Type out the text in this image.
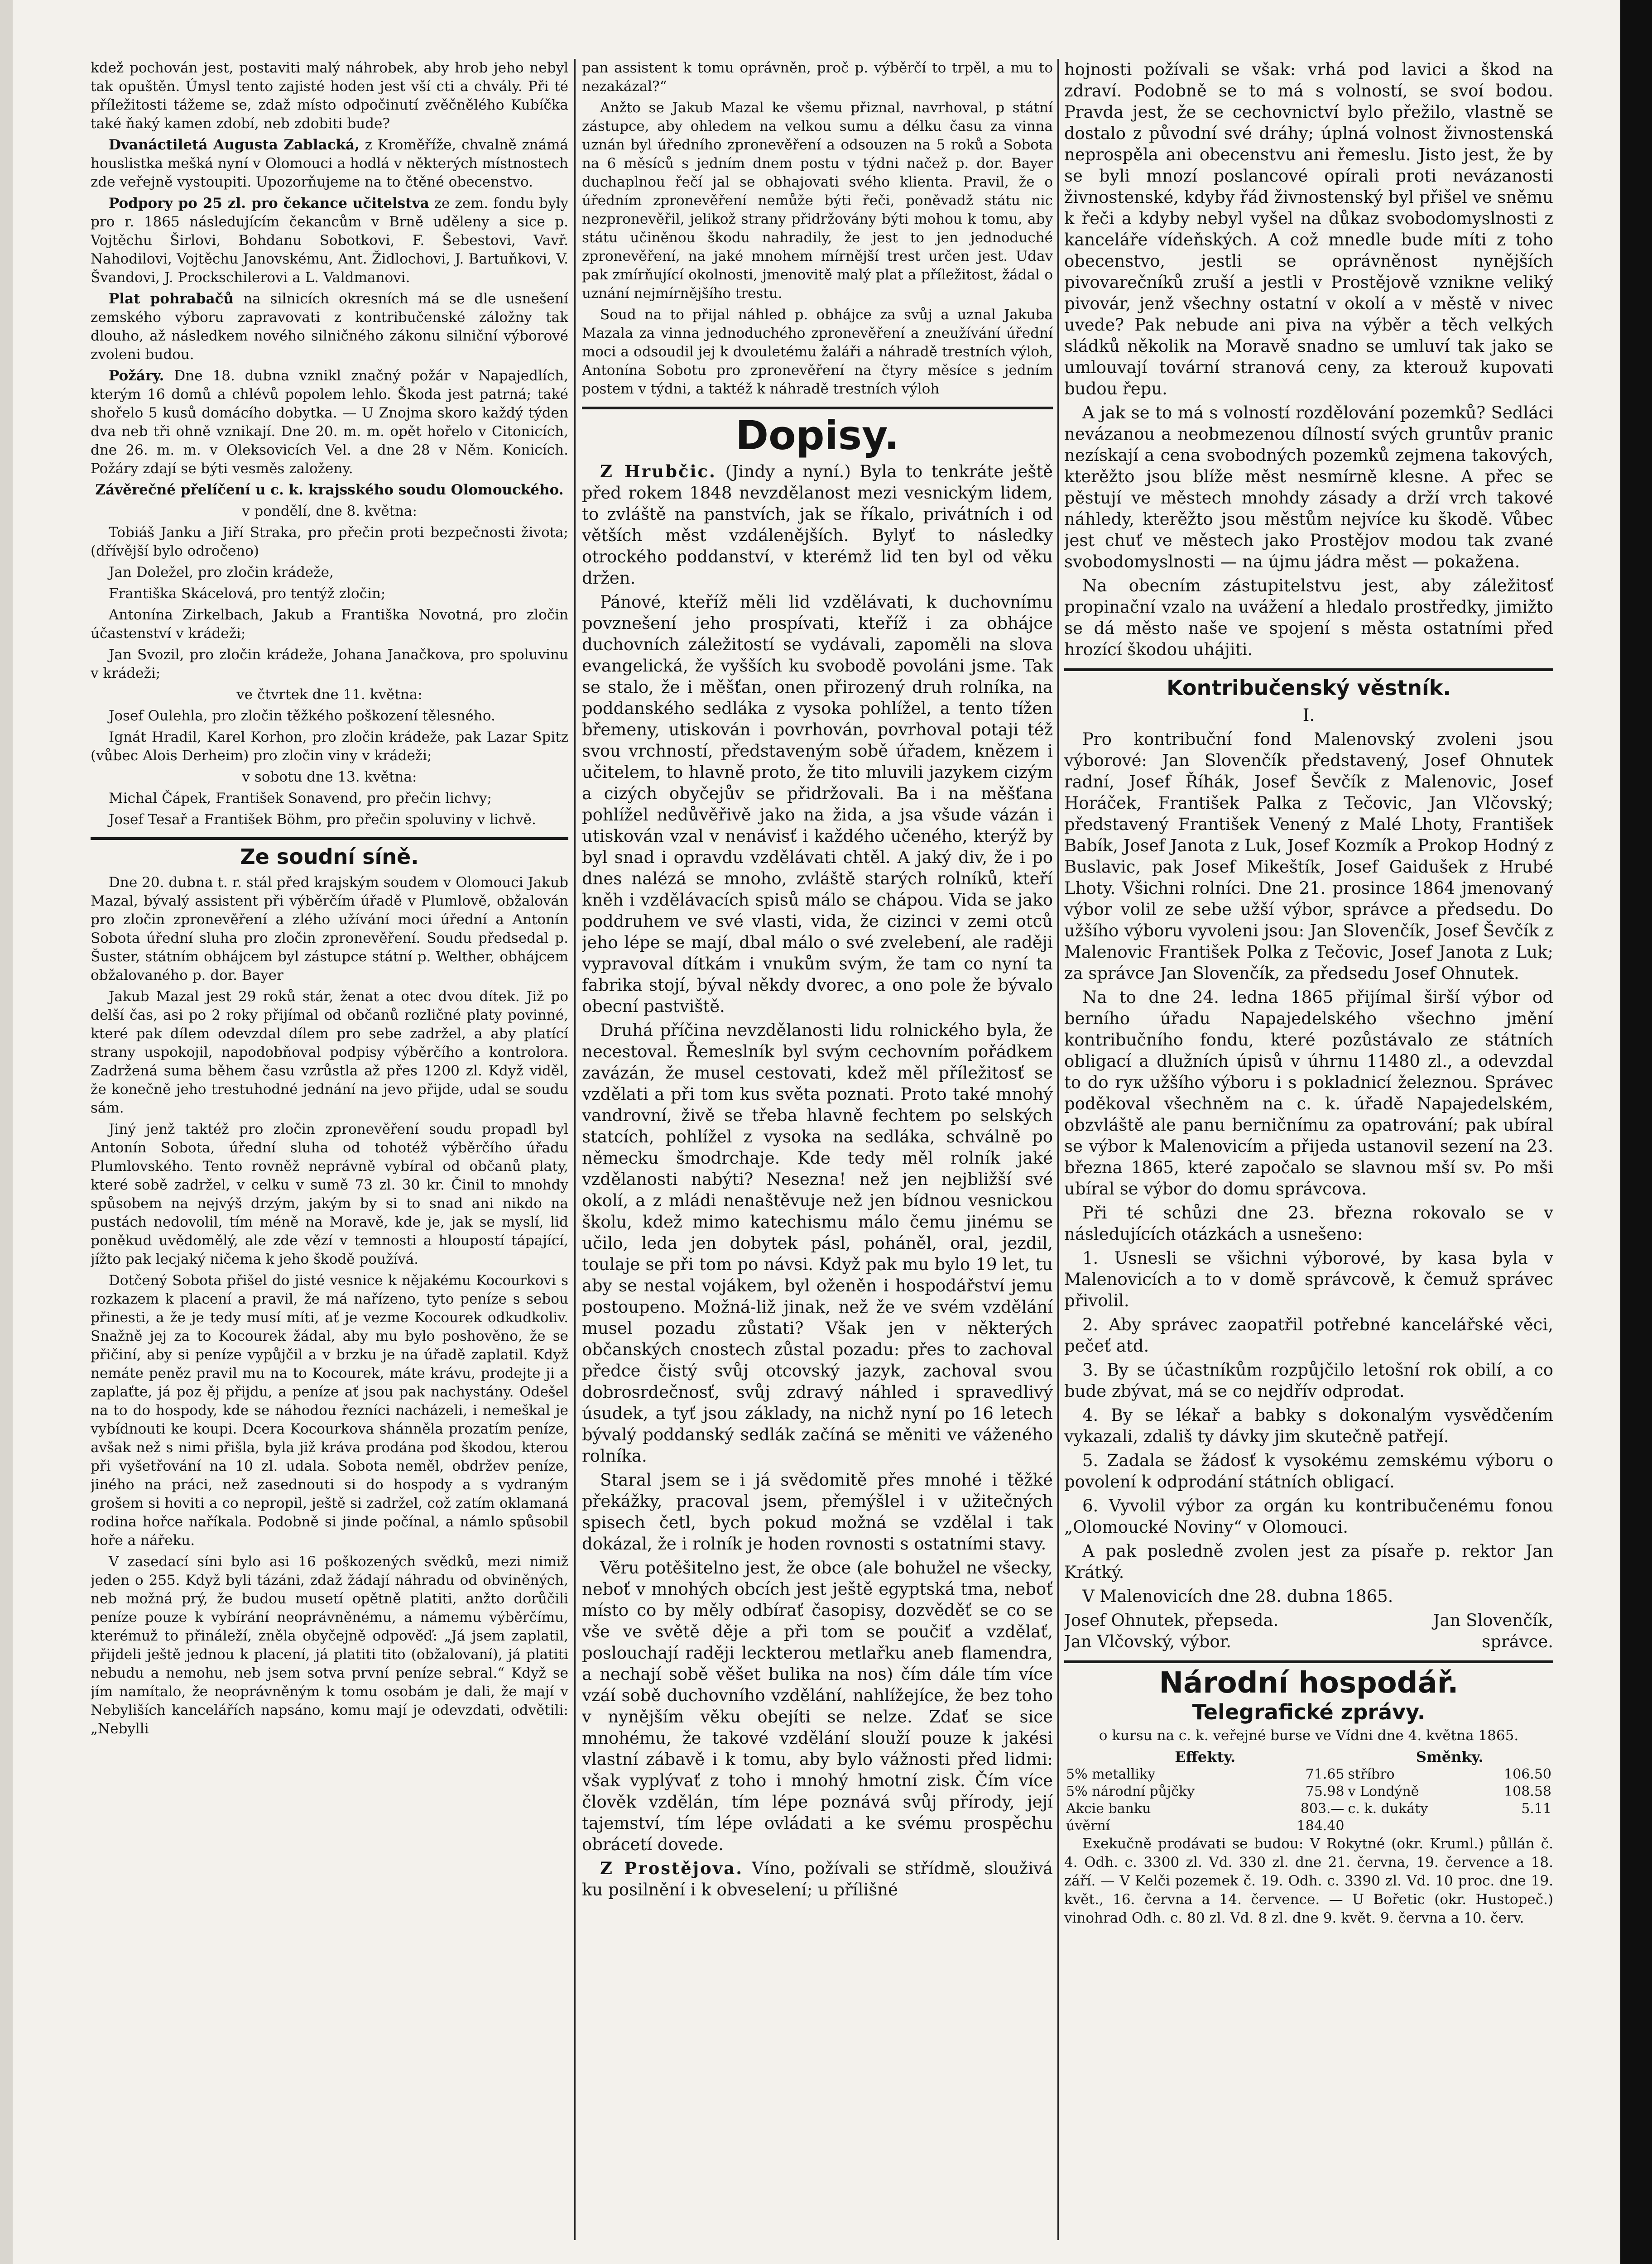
kdež pochován jest, postaviti malý náhrobek, aby hrob jeho nebyl tak opuštěn. Úmysl tento zajisté hoden jest vší cti a chvály. Při té příležitosti tážeme se, zdaž místo odpočinutí zvěčnělého Kubíčka také ňaký kamen zdobí, neb zdobiti bude?

Dvanáctiletá Augusta Zablacká, z Kroměříže, chvalně známá houslistka mešká nyní v Olomouci a hodlá v některých místnostech zde veřejně vystoupiti. Upozorňujeme na to čtěné obecenstvo.

Podpory po 25 zl. pro čekance učitelstva ze zem. fondu byly pro r. 1865 následujícím čekancům v Brně uděleny a sice p. Vojtěchu Širlovi, Bohdanu Sobotkovi, F. Šebestovi, Vavř. Nahodilovi, Vojtěchu Janovskému, Ant. Židlochovi, J. Bartuňkovi, V. Švandovi, J. Prockschilerovi a L. Valdmanovi.

Plat pohrabačů na silnicích okresních má se dle usnešení zemského výboru zapravovati z kontribučenské záložny tak dlouho, až následkem nového silničného zákonu silniční výborové zvoleni budou.

Požáry. Dne 18. dubna vznikl značný požár v Napajedlích, kterým 16 domů a chlévů popolem lehlo. Škoda jest patrná; také shořelo 5 kusů domácího dobytka. — U Znojma skoro každý týden dva neb tři ohně vznikají. Dne 20. m. m. opět hořelo v Citonicích, dne 26. m. m. v Oleksovicích Vel. a dne 28 v Něm. Konicích. Požáry zdají se býti vesměs založeny.

Závěrečné přelíčení u c. k. krajsského soudu Olomouckého.

v pondělí, dne 8. května:

Tobiáš Janku a Jiří Straka, pro přečin proti bezpečnosti života; (dřívější bylo odročeno)

Jan Doležel, pro zločin krádeže,

Františka Skácelová, pro tentýž zločin;

Antonína Zirkelbach, Jakub a Františka Novotná, pro zločin účastenství v krádeži;

Jan Svozil, pro zločin krádeže, Johana Janačkova, pro spoluvinu v krádeži;

ve čtvrtek dne 11. května:

Josef Oulehla, pro zločin těžkého poškození tělesného.

Ignát Hradil, Karel Korhon, pro zločin krádeže, pak Lazar Spitz (vůbec Alois Derheim) pro zločin viny v krádeži;

v sobotu dne 13. května:

Michal Čápek, František Sonavend, pro přečin lichvy;

Josef Tesař a František Böhm, pro přečin spoluviny v lichvě.

Ze soudní síně.

Dne 20. dubna t. r. stál před krajským soudem v Olomouci Jakub Mazal, bývalý assistent při výběrčím úřadě v Plumlově, obžalován pro zločin zpronevěření a zlého užívání moci úřední a Antonín Sobota úřední sluha pro zločin zpronevěření. Soudu předsedal p. Šuster, státním obhájcem byl zástupce státní p. Welther, obhájcem obžalovaného p. dor. Bayer

Jakub Mazal jest 29 roků stár, ženat a otec dvou dítek. Již po delší čas, asi po 2 roky přijímal od občanů rozličné platy povinné, které pak dílem odevzdal dílem pro sebe zadržel, a aby platící strany uspokojil, napodobňoval podpisy výběrčího a kontrolora. Zadržená suma během času vzrůstla až přes 1200 zl. Když viděl, že konečně jeho trestuhodné jednání na jevo přijde, udal se soudu sám.

Jiný jenž taktéž pro zločin zpronevěření soudu propadl byl Antonín Sobota, úřední sluha od tohotéž výběrčího úřadu Plumlovského. Tento rovněž neprávně vybíral od občanů platy, které sobě zadržel, v celku v sumě 73 zl. 30 kr. Činil to mnohdy spůsobem na nejvýš drzým, jakým by si to snad ani nikdo na pustách nedovolil, tím méně na Moravě, kde je, jak se myslí, lid poněkud uvědomělý, ale zde vězí v temnosti a hloupostí tápající, jížto pak lecjaký ničema k jeho škodě používá.

Dotčený Sobota přišel do jisté vesnice k nějakému Kocourkovi s rozkazem k placení a pravil, že má nařízeno, tyto peníze s sebou přinesti, a že je tedy musí míti, ať je vezme Kocourek odkudkoliv. Snažně jej za to Kocourek žádal, aby mu bylo poshověno, že se přičiní, aby si peníze vypůjčil a v brzku je na úřadě zaplatil. Když nemáte peněz pravil mu na to Kocourek, máte krávu, prodejte ji a zaplaťte, já poz ěj přijdu, a peníze ať jsou pak nachystány. Odešel na to do hospody, kde se náhodou řezníci nacházeli, i nemeškal je vybídnouti ke koupi. Dcera Kocourkova shánněla prozatím peníze, avšak než s nimi přišla, byla již kráva prodána pod škodou, kterou při vyšetřování na 10 zl. udala. Sobota neměl, obdržev peníze, jiného na práci, než zasednouti si do hospody a s vydraným grošem si hoviti a co nepropil, ještě si zadržel, což zatím oklamaná rodina hořce naříkala. Podobně si jinde počínal, a námlo spůsobil hoře a nářeku.

V zasedací síni bylo asi 16 poškozených svědků, mezi nimiž jeden o 255. Když byli tázáni, zdaž žádají náhradu od obviněných, neb možná prý, že budou musetí opětně platiti, anžto dorůčili peníze pouze k vybírání neoprávněnému, a námemu výběrčímu, kterémuž to přináleží, zněla obyčejně odpověď: „Já jsem zaplatil, přijdeli ještě jednou k placení, já platiti tito (obžalovaní), já platiti nebudu a nemohu, neb jsem sotva první peníze sebral.“ Když se jím namítalo, že neoprávněným k tomu osobám je dali, že mají v Nebyliších kancelářích napsáno, komu mají je odevzdati, odvětili: „Nebylli

pan assistent k tomu oprávněn, proč p. výběrčí to trpěl, a mu to nezakázal?“

Anžto se Jakub Mazal ke všemu přiznal, navrhoval, p státní zástupce, aby ohledem na velkou sumu a délku času za vinna uznán byl úředního zpronevěření a odsouzen na 5 roků a Sobota na 6 měsíců s jedním dnem postu v týdni načež p. dor. Bayer duchaplnou řečí jal se obhajovati svého klienta. Pravil, že o úředním zpronevěření nemůže býti řeči, poněvadž státu nic nezpronevěřil, jelikož strany přidržovány býti mohou k tomu, aby státu učiněnou škodu nahradily, že jest to jen jednoduché zpronevěření, na jaké mnohem mírnější trest určen jest. Udav pak zmírňující okolnosti, jmenovitě malý plat a příležitost, žádal o uznání nejmírnějšího trestu.

Soud na to přijal náhled p. obhájce za svůj a uznal Jakuba Mazala za vinna jednoduchého zpronevěření a zneužívání úřední moci a odsoudil jej k dvouletému žaláři a náhradě trestních výloh, Antonína Sobotu pro zpronevěření na čtyry měsíce s jedním postem v týdni, a taktéž k náhradě trestních výloh

Dopisy.

Z Hrubčic. (Jindy a nyní.) Byla to tenkráte ještě před rokem 1848 nevzdělanost mezi vesnickým lidem, to zvláště na panstvích, jak se říkalo, privátních i od větších měst vzdálenějších. Bylyť to následky otrockého poddanství, v kterémž lid ten byl od věku držen.

Pánové, kteříž měli lid vzdělávati, k duchovnímu povznešení jeho prospívati, kteříž i za obhájce duchovních záležitostí se vydávali, zapoměli na slova evangelická, že vyšších ku svobodě povoláni jsme. Tak se stalo, že i měšťan, onen přirozený druh rolníka, na poddanského sedláka z vysoka pohlížel, a tento tížen břemeny, utiskován i povrhován, povrhoval potaji též svou vrchností, představeným sobě úřadem, knězem i učitelem, to hlavně proto, že tito mluvili jazykem cizým a cizých obyčejův se přidržovali. Ba i na měšťana pohlížel nedůvěřivě jako na žida, a jsa všude vázán i utiskován vzal v nenávisť i každého učeného, kterýž by byl snad i opravdu vzdělávati chtěl. A jaký div, že i po dnes nalézá se mnoho, zvláště starých rolníků, kteří kněh i vzdělávacích spisů málo se chápou. Vida se jako poddruhem ve své vlasti, vida, že cizinci v zemi otců jeho lépe se mají, dbal málo o své zvelebení, ale raději vypravoval dítkám i vnukům svým, že tam co nyní ta fabrika stojí, býval někdy dvorec, a ono pole že bývalo obecní pastviště.

Druhá příčina nevzdělanosti lidu rolnického byla, že necestoval. Řemeslník byl svým cechovním pořádkem zavázán, že musel cestovati, kdež měl příležitosť se vzdělati a při tom kus světa poznati. Proto také mnohý vandrovní, živě se třeba hlavně fechtem po selských statcích, pohlížel z vysoka na sedláka, schválně po německu šmodrchaje. Kde tedy měl rolník jaké vzdělanosti nabýti? Nesezna! než jen nejbližší své okolí, a z mládi nenaštěvuje než jen bídnou vesnickou školu, kdež mimo katechismu málo čemu jinému se učilo, leda jen dobytek pásl, poháněl, oral, jezdil, toulaje se při tom po návsi. Když pak mu bylo 19 let, tu aby se nestal vojákem, byl oženěn i hospodářství jemu postoupeno. Možná-liž jinak, než že ve svém vzdělání musel pozadu zůstati? Však jen v některých občanských cnostech zůstal pozadu: přes to zachoval předce čistý svůj otcovský jazyk, zachoval svou dobrosrdečnosť, svůj zdravý náhled i spravedlivý úsudek, a tyť jsou základy, na nichž nyní po 16 letech bývalý poddanský sedlák začíná se měniti ve váženého rolníka.

Staral jsem se i já svědomitě přes mnohé i těžké překážky, pracoval jsem, přemýšlel i v užitečných spisech četl, bych pokud možná se vzdělal i tak dokázal, že i rolník je hoden rovnosti s ostatními stavy.

Věru potěšitelno jest, že obce (ale bohužel ne všecky, neboť v mnohých obcích jest ještě egyptská tma, neboť místo co by měly odbírať časopisy, dozvěděť se co se vše ve světě děje a při tom se poučiť a vzdělať, poslouchají raději leckterou metlařku aneb flamendra, a nechají sobě věšet bulika na nos) čím dále tím více vzáí sobě duchovního vzdělání, nahlížejíce, že bez toho v nynějším věku obejíti se nelze. Zdať se sice mnohému, že takové vzdělání slouží pouze k jakési vlastní zábavě i k tomu, aby bylo vážnosti před lidmi: však vyplývať z toho i mnohý hmotní zisk. Čím více člověk vzdělán, tím lépe poznává svůj přírody, její tajemství, tím lépe ovládati a ke svému prospěchu obrácetí dovede.

Z Prostějova. Víno, požívali se střídmě, slouživá ku posilnění i k obveselení; u přílišné

hojnosti požívali se však: vrhá pod lavici a škod na zdraví. Podobně se to má s volností, se svoí bodou. Pravda jest, že se cechovnictví bylo přežilo, vlastně se dostalo z původní své dráhy; úplná volnost živnostenská neprospěla ani obecenstvu ani řemeslu. Jisto jest, že by se byli mnozí poslancové opírali proti nevázanosti živnostenské, kdyby řád živnostenský byl přišel ve sněmu k řeči a kdyby nebyl vyšel na důkaz svobodomyslnosti z kanceláře vídeňských. A což mnedle bude míti z toho obecenstvo, jestli se oprávněnost nynějších pivovarečníků zruší a jestli v Prostějově vznikne veliký pivovár, jenž všechny ostatní v okolí a v městě v nivec uvede? Pak nebude ani piva na výběr a těch velkých sládků několik na Moravě snadno se umluví tak jako se umlouvají tovární stranová ceny, za kterouž kupovati budou řepu.

A jak se to má s volností rozdělování pozemků? Sedláci nevázanou a neobmezenou dílností svých gruntův pranic nezískají a cena svobodných pozemků zejmena takových, kterěžto jsou blíže měst nesmírně klesne. A přec se pěstují ve městech mnohdy zásady a drží vrch takové náhledy, kterěžto jsou městům nejvíce ku škodě. Vůbec jest chuť ve městech jako Prostějov modou tak zvané svobodomyslnosti — na újmu jádra měst — pokažena.

Na obecním zástupitelstvu jest, aby záležitosť propinační vzalo na uvážení a hledalo prostředky, jimižto se dá město naše ve spojení s města ostatními před hrozící škodou uhájiti.

Kontribučenský věstník.

I.

Pro kontribuční fond Malenovský zvoleni jsou výborové: Jan Slovenčík představený, Josef Ohnutek radní, Josef Říhák, Josef Ševčík z Malenovic, Josef Horáček, František Palka z Tečovic, Jan Vlčovský; představený František Venený z Malé Lhoty, František Babík, Josef Janota z Luk, Josef Kozmík a Prokop Hodný z Buslavic, pak Josef Mikeštík, Josef Gaidušek z Hrubé Lhoty. Všichni rolníci. Dne 21. prosince 1864 jmenovaný výbor volil ze sebe užší výbor, správce a předsedu. Do užšího výboru vyvoleni jsou: Jan Slovenčík, Josef Ševčík z Malenovic František Polka z Tečovic, Josef Janota z Luk; za správce Jan Slovenčík, za předsedu Josef Ohnutek.

Na to dne 24. ledna 1865 přijímal širší výbor od berního úřadu Napajedelského všechno jmění kontribučního fondu, které pozůstávalo ze státních obligací a dlužních úpisů v úhrnu 11480 zl., a odevzdal to do rук užšího výboru i s pokladnicí železnou. Správec poděkoval všechněm na c. k. úřadě Napajedelském, obzvláště ale panu berničnímu za opatrování; pak ubíral se výbor k Malenovicím a přijeda ustanovil sezení na 23. března 1865, které započalo se slavnou mší sv. Po mši ubíral se výbor do domu správcova.

Při té schůzi dne 23. března rokovalo se v následujících otázkách a usnešeno:

1. Usnesli se všichni výborové, by kasa byla v Malenovicích a to v domě správcově, k čemuž správec přivolil.

2. Aby správec zaopatřil potřebné kancelářské věci, pečeť atd.

3. By se účastníkům rozpůjčilo letošní rok obilí, a co bude zbývat, má se co nejdřív odprodat.

4. By se lékař a babky s dokonalým vysvědčením vykazali, zdališ ty dávky jim skutečně patřejí.

5. Zadala se žádosť k vysokému zemskému výboru o povolení k odprodání státních obligací.

6. Vyvolil výbor za orgán ku kontribučenému fonou „Olomoucké Noviny“ v Olomouci.

A pak posledně zvolen jest za písaře p. rektor Jan Krátký.

V Malenovicích dne 28. dubna 1865.

Josef Ohnutek, přepseda.	Jan Slovenčík,
Jan Vlčovský, výbor.	správce.
Národní hospodář.
Telegrafické zprávy.

o kursu na c. k. veřejné burse ve Vídni dne 4. května 1865.

Effekty.		Směnky.	
5% metalliky	71.65	stříbro	106.50
5% národní půjčky	75.98	v Londýně	108.58
Akcie banku	803.—	c. k. dukáty	5.11
úvěrní	184.40		

Exekučně prodávati se budou: V Rokytné (okr. Kruml.) půllán č. 4. Odh. c. 3300 zl. Vd. 330 zl. dne 21. června, 19. července a 18. září. — V Kelči pozemek č. 19. Odh. c. 3390 zl. Vd. 10 proc. dne 19. květ., 16. června a 14. července. — U Bořetic (okr. Hustopeč.) vinohrad Odh. c. 80 zl. Vd. 8 zl. dne 9. květ. 9. června a 10. červ.
